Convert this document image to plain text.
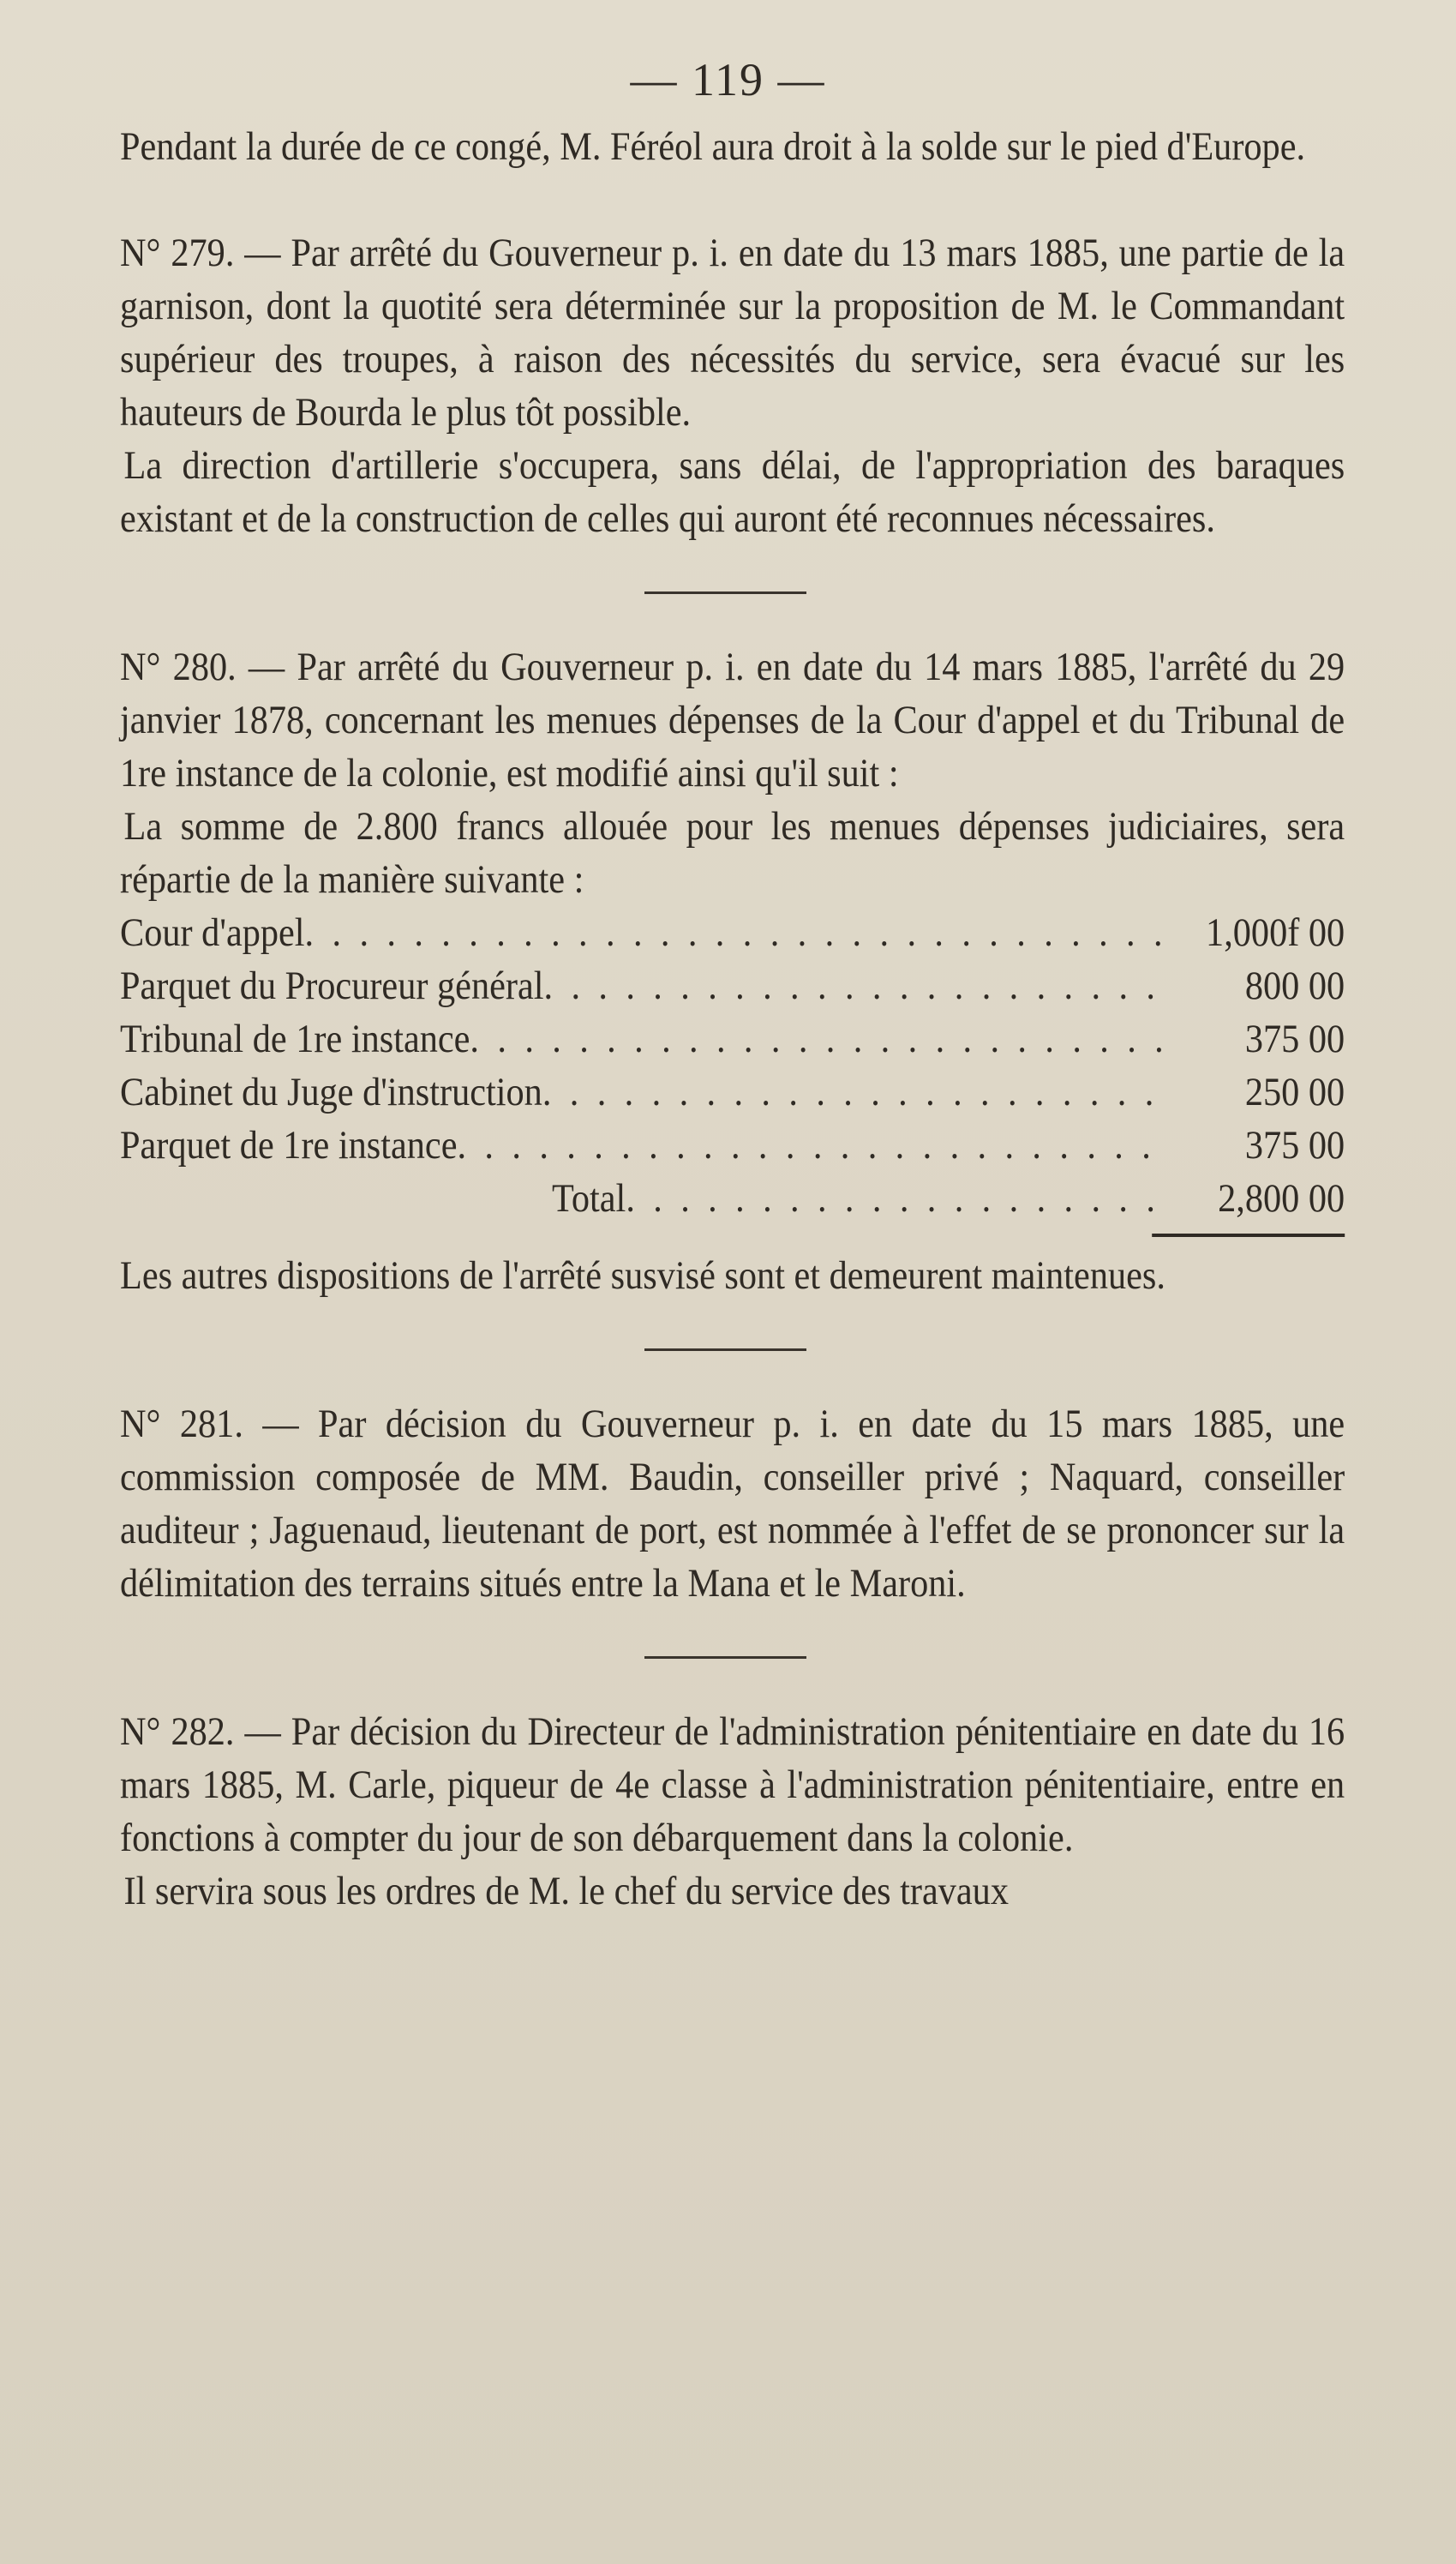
— 119 —

Pendant la durée de ce congé, M. Féréol aura droit à la solde sur le pied d'Europe.

N° 279. — Par arrêté du Gouverneur p. i. en date du 13 mars 1885, une partie de la garnison, dont la quotité sera déterminée sur la proposition de M. le Commandant supérieur des troupes, à raison des nécessités du service, sera évacué sur les hauteurs de Bourda le plus tôt possible.

La direction d'artillerie s'occupera, sans délai, de l'appropriation des baraques existant et de la construction de celles qui auront été reconnues nécessaires.

N° 280. — Par arrêté du Gouverneur p. i. en date du 14 mars 1885, l'arrêté du 29 janvier 1878, concernant les menues dépenses de la Cour d'appel et du Tribunal de 1re instance de la colonie, est modifié ainsi qu'il suit :

La somme de 2.800 francs allouée pour les menues dépenses judiciaires, sera répartie de la manière suivante :

Cour d'appel . . .	1,000f 00
Parquet du Procureur général . . .	800 00
Tribunal de 1re instance . . .	375 00
Cabinet du Juge d'instruction . . .	250 00
Parquet de 1re instance . . .	375 00
Total . . .	2,800 00

Les autres dispositions de l'arrêté susvisé sont et demeurent maintenues.

N° 281. — Par décision du Gouverneur p. i. en date du 15 mars 1885, une commission composée de MM. Baudin, conseiller privé ; Naquard, conseiller auditeur ; Jaguenaud, lieutenant de port, est nommée à l'effet de se prononcer sur la délimitation des terrains situés entre la Mana et le Maroni.

N° 282. — Par décision du Directeur de l'administration pénitentiaire en date du 16 mars 1885, M. Carle, piqueur de 4e classe à l'administration pénitentiaire, entre en fonctions à compter du jour de son débarquement dans la colonie.

Il servira sous les ordres de M. le chef du service des travaux
